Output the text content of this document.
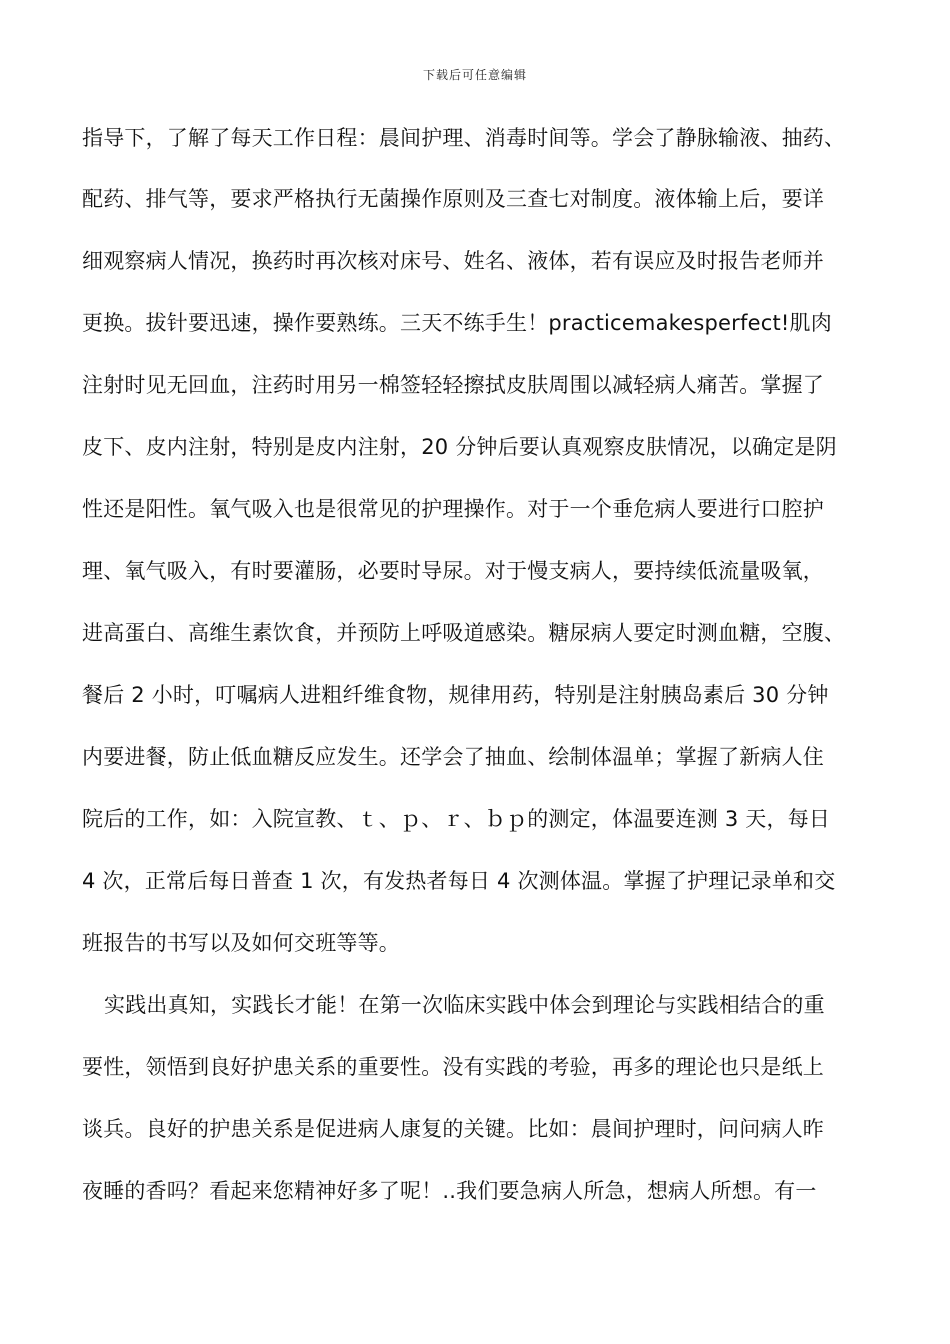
下载后可任意编辑
指导下，了解了每天工作日程：晨间护理、消毒时间等。学会了静脉输液、抽药、
配药、排气等，要求严格执行无菌操作原则及三查七对制度。液体输上后，要详
细观察病人情况，换药时再次核对床号、姓名、液体，若有误应及时报告老师并
更换。拔针要迅速，操作要熟练。三天不练手生！practicemakesperfect!肌肉
注射时见无回血，注药时用另一棉签轻轻擦拭皮肤周围以减轻病人痛苦。掌握了
皮下、皮内注射，特别是皮内注射，20 分钟后要认真观察皮肤情况，以确定是阴
性还是阳性。氧气吸入也是很常见的护理操作。对于一个垂危病人要进行口腔护
理、氧气吸入，有时要灌肠，必要时导尿。对于慢支病人，要持续低流量吸氧，
进高蛋白、高维生素饮食，并预防上呼吸道感染。糖尿病人要定时测血糖，空腹、
餐后 2 小时，叮嘱病人进粗纤维食物，规律用药，特别是注射胰岛素后 30 分钟
内要进餐，防止低血糖反应发生。还学会了抽血、绘制体温单；掌握了新病人住
院后的工作，如：入院宣教、ｔ、ｐ、ｒ、ｂｐ的测定，体温要连测 3 天，每日
4 次，正常后每日普查 1 次，有发热者每日 4 次测体温。掌握了护理记录单和交
班报告的书写以及如何交班等等。
实践出真知，实践长才能！在第一次临床实践中体会到理论与实践相结合的重
要性，领悟到良好护患关系的重要性。没有实践的考验，再多的理论也只是纸上
谈兵。良好的护患关系是促进病人康复的关键。比如：晨间护理时，问问病人昨
夜睡的香吗？看起来您精神好多了呢！..我们要急病人所急，想病人所想。有一
